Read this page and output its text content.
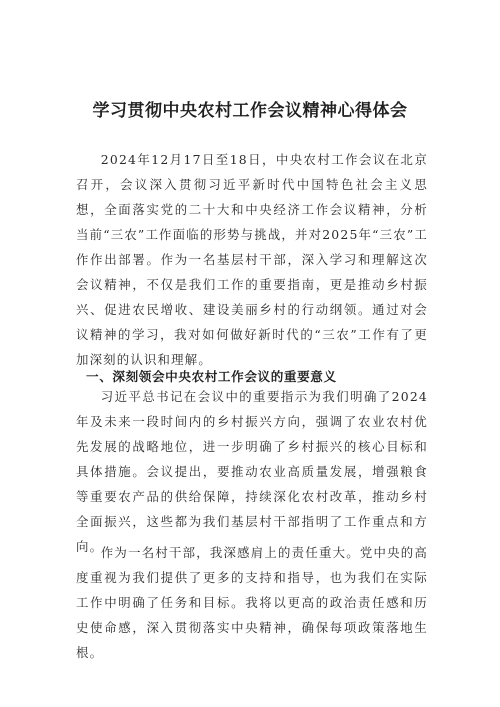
学习贯彻中央农村工作会议精神心得体会

2024年12月17日至18日，中央农村工作会议在北京召开，会议深入贯彻习近平新时代中国特色社会主义思想，全面落实党的二十大和中央经济工作会议精神，分析当前“三农”工作面临的形势与挑战，并对2025年“三农”工作作出部署。作为一名基层村干部，深入学习和理解这次会议精神，不仅是我们工作的重要指南，更是推动乡村振兴、促进农民增收、建设美丽乡村的行动纲领。通过对会议精神的学习，我对如何做好新时代的“三农”工作有了更加深刻的认识和理解。

一、深刻领会中央农村工作会议的重要意义

习近平总书记在会议中的重要指示为我们明确了2024年及未来一段时间内的乡村振兴方向，强调了农业农村优先发展的战略地位，进一步明确了乡村振兴的核心目标和具体措施。会议提出，要推动农业高质量发展，增强粮食等重要农产品的供给保障，持续深化农村改革，推动乡村全面振兴，这些都为我们基层村干部指明了工作重点和方向。

作为一名村干部，我深感肩上的责任重大。党中央的高度重视为我们提供了更多的支持和指导，也为我们在实际工作中明确了任务和目标。我将以更高的政治责任感和历史使命感，深入贯彻落实中央精神，确保每项政策落地生根。
